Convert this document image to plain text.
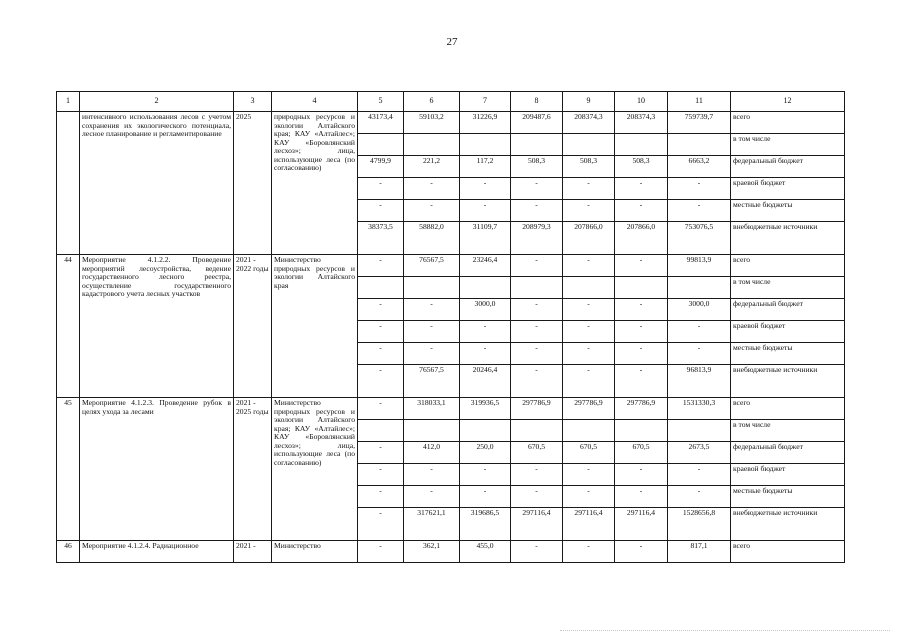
27
1	2	3	4	5	6	7	8	9	10	11	12
	интенсивного использования лесов с учетом сохранения их экологического потенциала, лесное планирование и регламентирование	2025	природных ресурсов и экологии Алтайского края; КАУ «Алтайлес»; КАУ «Боровлянский лесхоз»; лица, использующие леса (по согласованию)	43173,4	59103,2	31226,9	209487,6	208374,3	208374,3	759739,7	всего
											в том числе
				4799,9	221,2	117,2	508,3	508,3	508,3	6663,2	федеральный бюджет
				-	-	-	-	-	-	-	краевой бюджет
				-	-	-	-	-	-	-	местные бюджеты
				38373,5	58882,0	31109,7	208979,3	207866,0	207866,0	753076,5	внебюджетные источники
44	Мероприятие 4.1.2.2. Проведение мероприятий лесоустройства, ведение государственного лесного реестра, осуществление государственного кадастрового учета лесных участков	2021 - 2022 годы	Министерство природных ресурсов и экологии Алтайского края	-	76567,5	23246,4	-	-	-	99813,9	всего
											в том числе
				-	-	3000,0	-	-	-	3000,0	федеральный бюджет
				-	-	-	-	-	-	-	краевой бюджет
				-	-	-	-	-	-	-	местные бюджеты
				-	76567,5	20246,4	-	-	-	96813,9	внебюджетные источники
45	Мероприятие 4.1.2.3. Проведение рубок в целях ухода за лесами	2021 - 2025 годы	Министерство природных ресурсов и экологии Алтайского края; КАУ «Алтайлес»; КАУ «Боровлянский лесхоз»; лица, использующие леса (по согласованию)	-	318033,1	319936,5	297786,9	297786,9	297786,9	1531330,3	всего
											в том числе
				-	412,0	250,0	670,5	670,5	670,5	2673,5	федеральный бюджет
				-	-	-	-	-	-	-	краевой бюджет
				-	-	-	-	-	-	-	местные бюджеты
				-	317621,1	319686,5	297116,4	297116,4	297116,4	1528656,8	внебюджетные источники
46	Мероприятие 4.1.2.4. Радиационное	2021 -	Министерство	-	362,1	455,0	-	-	-	817,1	всего
